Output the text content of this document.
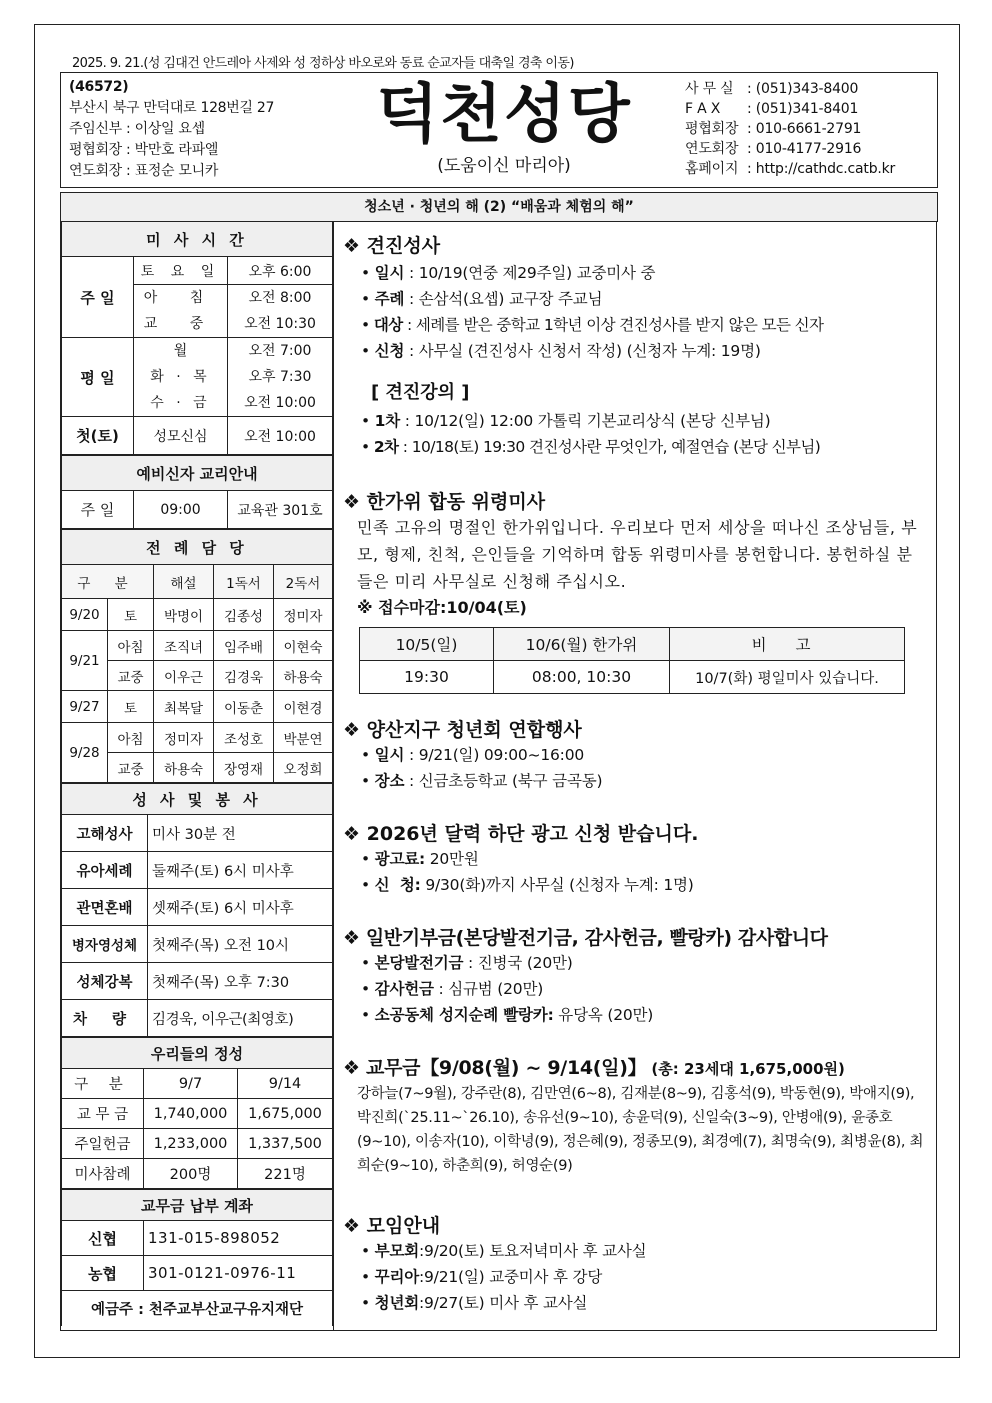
2025. 9. 21.(성 김대건 안드레아 사제와 성 정하상 바오로와 동료 순교자들 대축일 경축 이동)
(46572)
부산시 북구 만덕대로 128번길 27
주임신부 : 이상일 요셉
평협회장 : 박만호 라파엘
연도회장 : 표정순 모니카
덕천성당
(도움이신 마리아)
사 무 실 : (051)343-8400
F A X : (051)341-8401
평협회장 : 010-6661-2791
연도회장 : 010-4177-2916
홈페이지 : http://cathdc.catb.kr
청소년 · 청년의 해 (2) “배움과 체험의 해”
미 사 시 간		
주 일	토 요 일	오후 6:00
	아 침	오전 8:00
	교 중	오전 10:30
평 일	월	오전 7:00
	화 · 목	오후 7:30
	수 · 금	오전 10:00
첫(토)	성모신심	오전 10:00
예비신자 교리안내
주 일	09:00	교육관 301호
전 례 담 당				
구 분		해설	1독서	2독서
9/20	토	박명이	김종성	정미자
9/21	아침	조직녀	임주배	이현숙
	교중	이우근	김경욱	하용숙
9/27	토	최복달	이동춘	이현경
9/28	아침	정미자	조성호	박분연
	교중	하용숙	장영재	오정희
성 사 및 봉 사	
고해성사	미사 30분 전
유아세례	둘째주(토) 6시 미사후
관면혼배	셋째주(토) 6시 미사후
병자영성체	첫째주(목) 오전 10시
성체강복	첫째주(목) 오후 7:30
차 량	김경욱, 이우근(최영호)
우리들의 정성		
구 분	9/7	9/14
교 무 금	1,740,000	1,675,000
주일헌금	1,233,000	1,337,500
미사참례	200명	221명
교무금 납부 계좌	
신협	131-015-898052
농협	301-0121-0976-11
예금주 : 천주교부산교구유지재단	
❖ 견진성사
• 일시 : 10/19(연중 제29주일) 교중미사 중
• 주례 : 손삼석(요셉) 교구장 주교님
• 대상 : 세례를 받은 중학교 1학년 이상 견진성사를 받지 않은 모든 신자
• 신청 : 사무실 (견진성사 신청서 작성) (신청자 누계: 19명)
[ 견진강의 ]
• 1차 : 10/12(일) 12:00 가톨릭 기본교리상식 (본당 신부님)
• 2차 : 10/18(토) 19:30 견진성사란 무엇인가, 예절연습 (본당 신부님)
❖ 한가위 합동 위령미사
민족 고유의 명절인 한가위입니다. 우리보다 먼저 세상을 떠나신 조상님들, 부모, 형제, 친척, 은인들을 기억하며 합동 위령미사를 봉헌합니다. 봉헌하실 분들은 미리 사무실로 신청해 주십시오.
※ 접수마감:10/04(토)
10/5(일)	10/6(월) 한가위	비 고
19:30	08:00, 10:30	10/7(화) 평일미사 있습니다.
❖ 양산지구 청년회 연합행사
• 일시 : 9/21(일) 09:00~16:00
• 장소 : 신금초등학교 (북구 금곡동)
❖ 2026년 달력 하단 광고 신청 받습니다.
• 광고료: 20만원
• 신  청: 9/30(화)까지 사무실 (신청자 누계: 1명)
❖ 일반기부금(본당발전기금, 감사헌금, 빨랑카) 감사합니다
• 본당발전기금 : 진병국 (20만)
• 감사헌금 : 심규범 (20만)
• 소공동체 성지순례 빨랑카: 유당옥 (20만)
❖ 교무금【9/08(월) ~ 9/14(일)】 (총: 23세대 1,675,000원)
강하늘(7~9월), 강주란(8), 김만연(6~8), 김재분(8~9), 김홍석(9), 박동현(9), 박애지(9), 박진희(`25.11~`26.10), 송유선(9~10), 송윤덕(9), 신일숙(3~9), 안병애(9), 윤종호(9~10), 이송자(10), 이학녕(9), 정은혜(9), 정종모(9), 최경예(7), 최명숙(9), 최병윤(8), 최희순(9~10), 하춘희(9), 허영순(9)
❖ 모임안내
• 부모회:9/20(토) 토요저녁미사 후 교사실
• 꾸리아:9/21(일) 교중미사 후 강당
• 청년회:9/27(토) 미사 후 교사실
